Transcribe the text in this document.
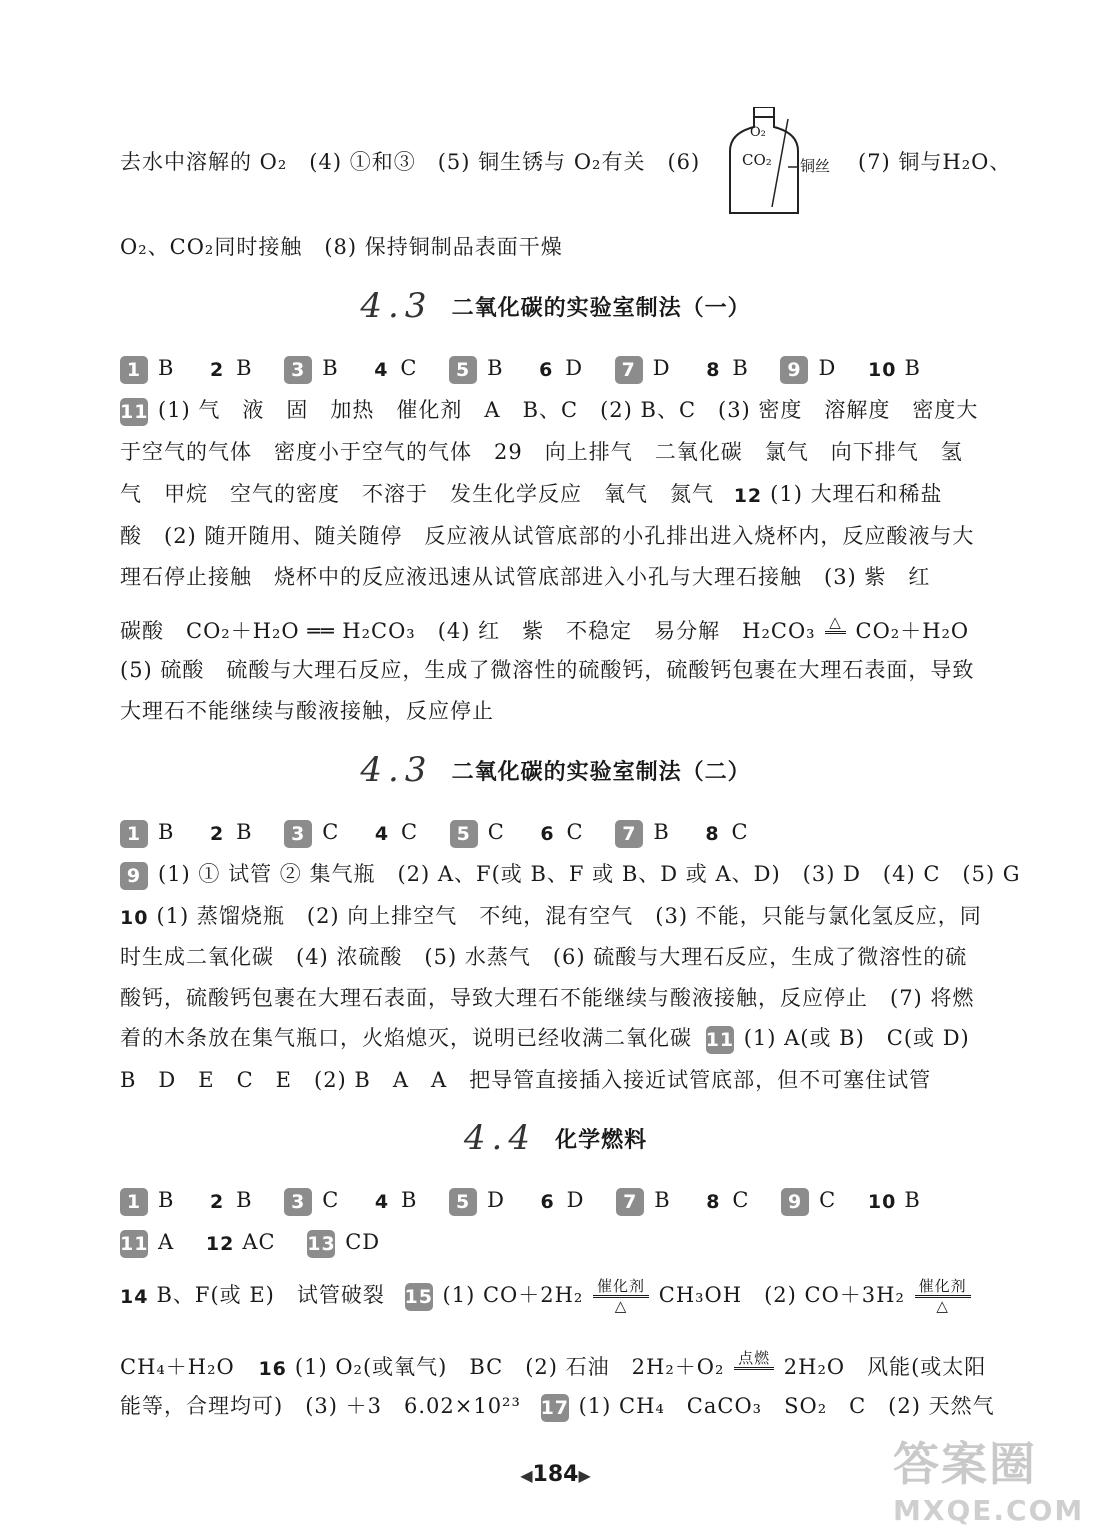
去水中溶解的 O₂　(4) ①和③　(5) 铜生锈与 O₂有关　(6)
O₂
CO₂ 铜丝 (7) 铜与H₂O、
O₂、CO₂同时接触　(8) 保持铜制品表面干燥
4.3 二氧化碳的实验室制法（一）
1 B 2 B 3 B 4 C 5 B 6 D 7 D 8 B 9 D 10 B
11 (1) 气　液　固　加热　催化剂　A　B、C　(2) B、C　(3) 密度　溶解度　密度大
于空气的气体　密度小于空气的气体　29　向上排气　二氧化碳　氯气　向下排气　氢
气　甲烷　空气的密度　不溶于　发生化学反应　氧气　氮气 12 (1) 大理石和稀盐
酸　(2) 随开随用、随关随停　反应液从试管底部的小孔排出进入烧杯内，反应酸液与大
理石停止接触　烧杯中的反应液迅速从试管底部进入小孔与大理石接触　(3) 紫　红
碳酸　CO₂＋H₂O ══ H₂CO₃　(4) 红　紫　不稳定　易分解　H₂CO₃ △
CO₂＋H₂O
(5) 硫酸　硫酸与大理石反应，生成了微溶性的硫酸钙，硫酸钙包裹在大理石表面，导致
大理石不能继续与酸液接触，反应停止
4.3 二氧化碳的实验室制法（二）
1 B 2 B 3 C 4 C 5 C 6 C 7 B 8 C
9 (1) ① 试管 ② 集气瓶　(2) A、F(或 B、F 或 B、D 或 A、D)　(3) D　(4) C　(5) G
10 (1) 蒸馏烧瓶　(2) 向上排空气　不纯，混有空气　(3) 不能，只能与氯化氢反应，同
时生成二氧化碳　(4) 浓硫酸　(5) 水蒸气　(6) 硫酸与大理石反应，生成了微溶性的硫
酸钙，硫酸钙包裹在大理石表面，导致大理石不能继续与酸液接触，反应停止　(7) 将燃
着的木条放在集气瓶口，火焰熄灭，说明已经收满二氧化碳 11 (1) A(或 B)　C(或 D)
B　D　E　C　E　(2) B　A　A　把导管直接插入接近试管底部，但不可塞住试管
4.4 化学燃料
1 B 2 B 3 C 4 B 5 D 6 D 7 B 8 C 9 C 10 B
11 A 12 AC 13 CD
14 B、F(或 E)　试管破裂 15 (1) $CO+2H_2 \frac{\text{催化剂}}{\triangle} CH_3OH$　(2) $CO+3H_2 \frac{\text{催化剂}}{\triangle}$
CH₄＋H₂O 16 (1) O₂(或氧气)　BC　(2) 石油　2H₂＋O₂ 点燃
2H₂O　风能(或太阳
能等，合理均可)　(3) ＋3　6.02×10²³ 17 (1) CH₄　CaCO₃　SO₂　C　(2) 天然气
◀184▶	答案圈
MXQE.COM
